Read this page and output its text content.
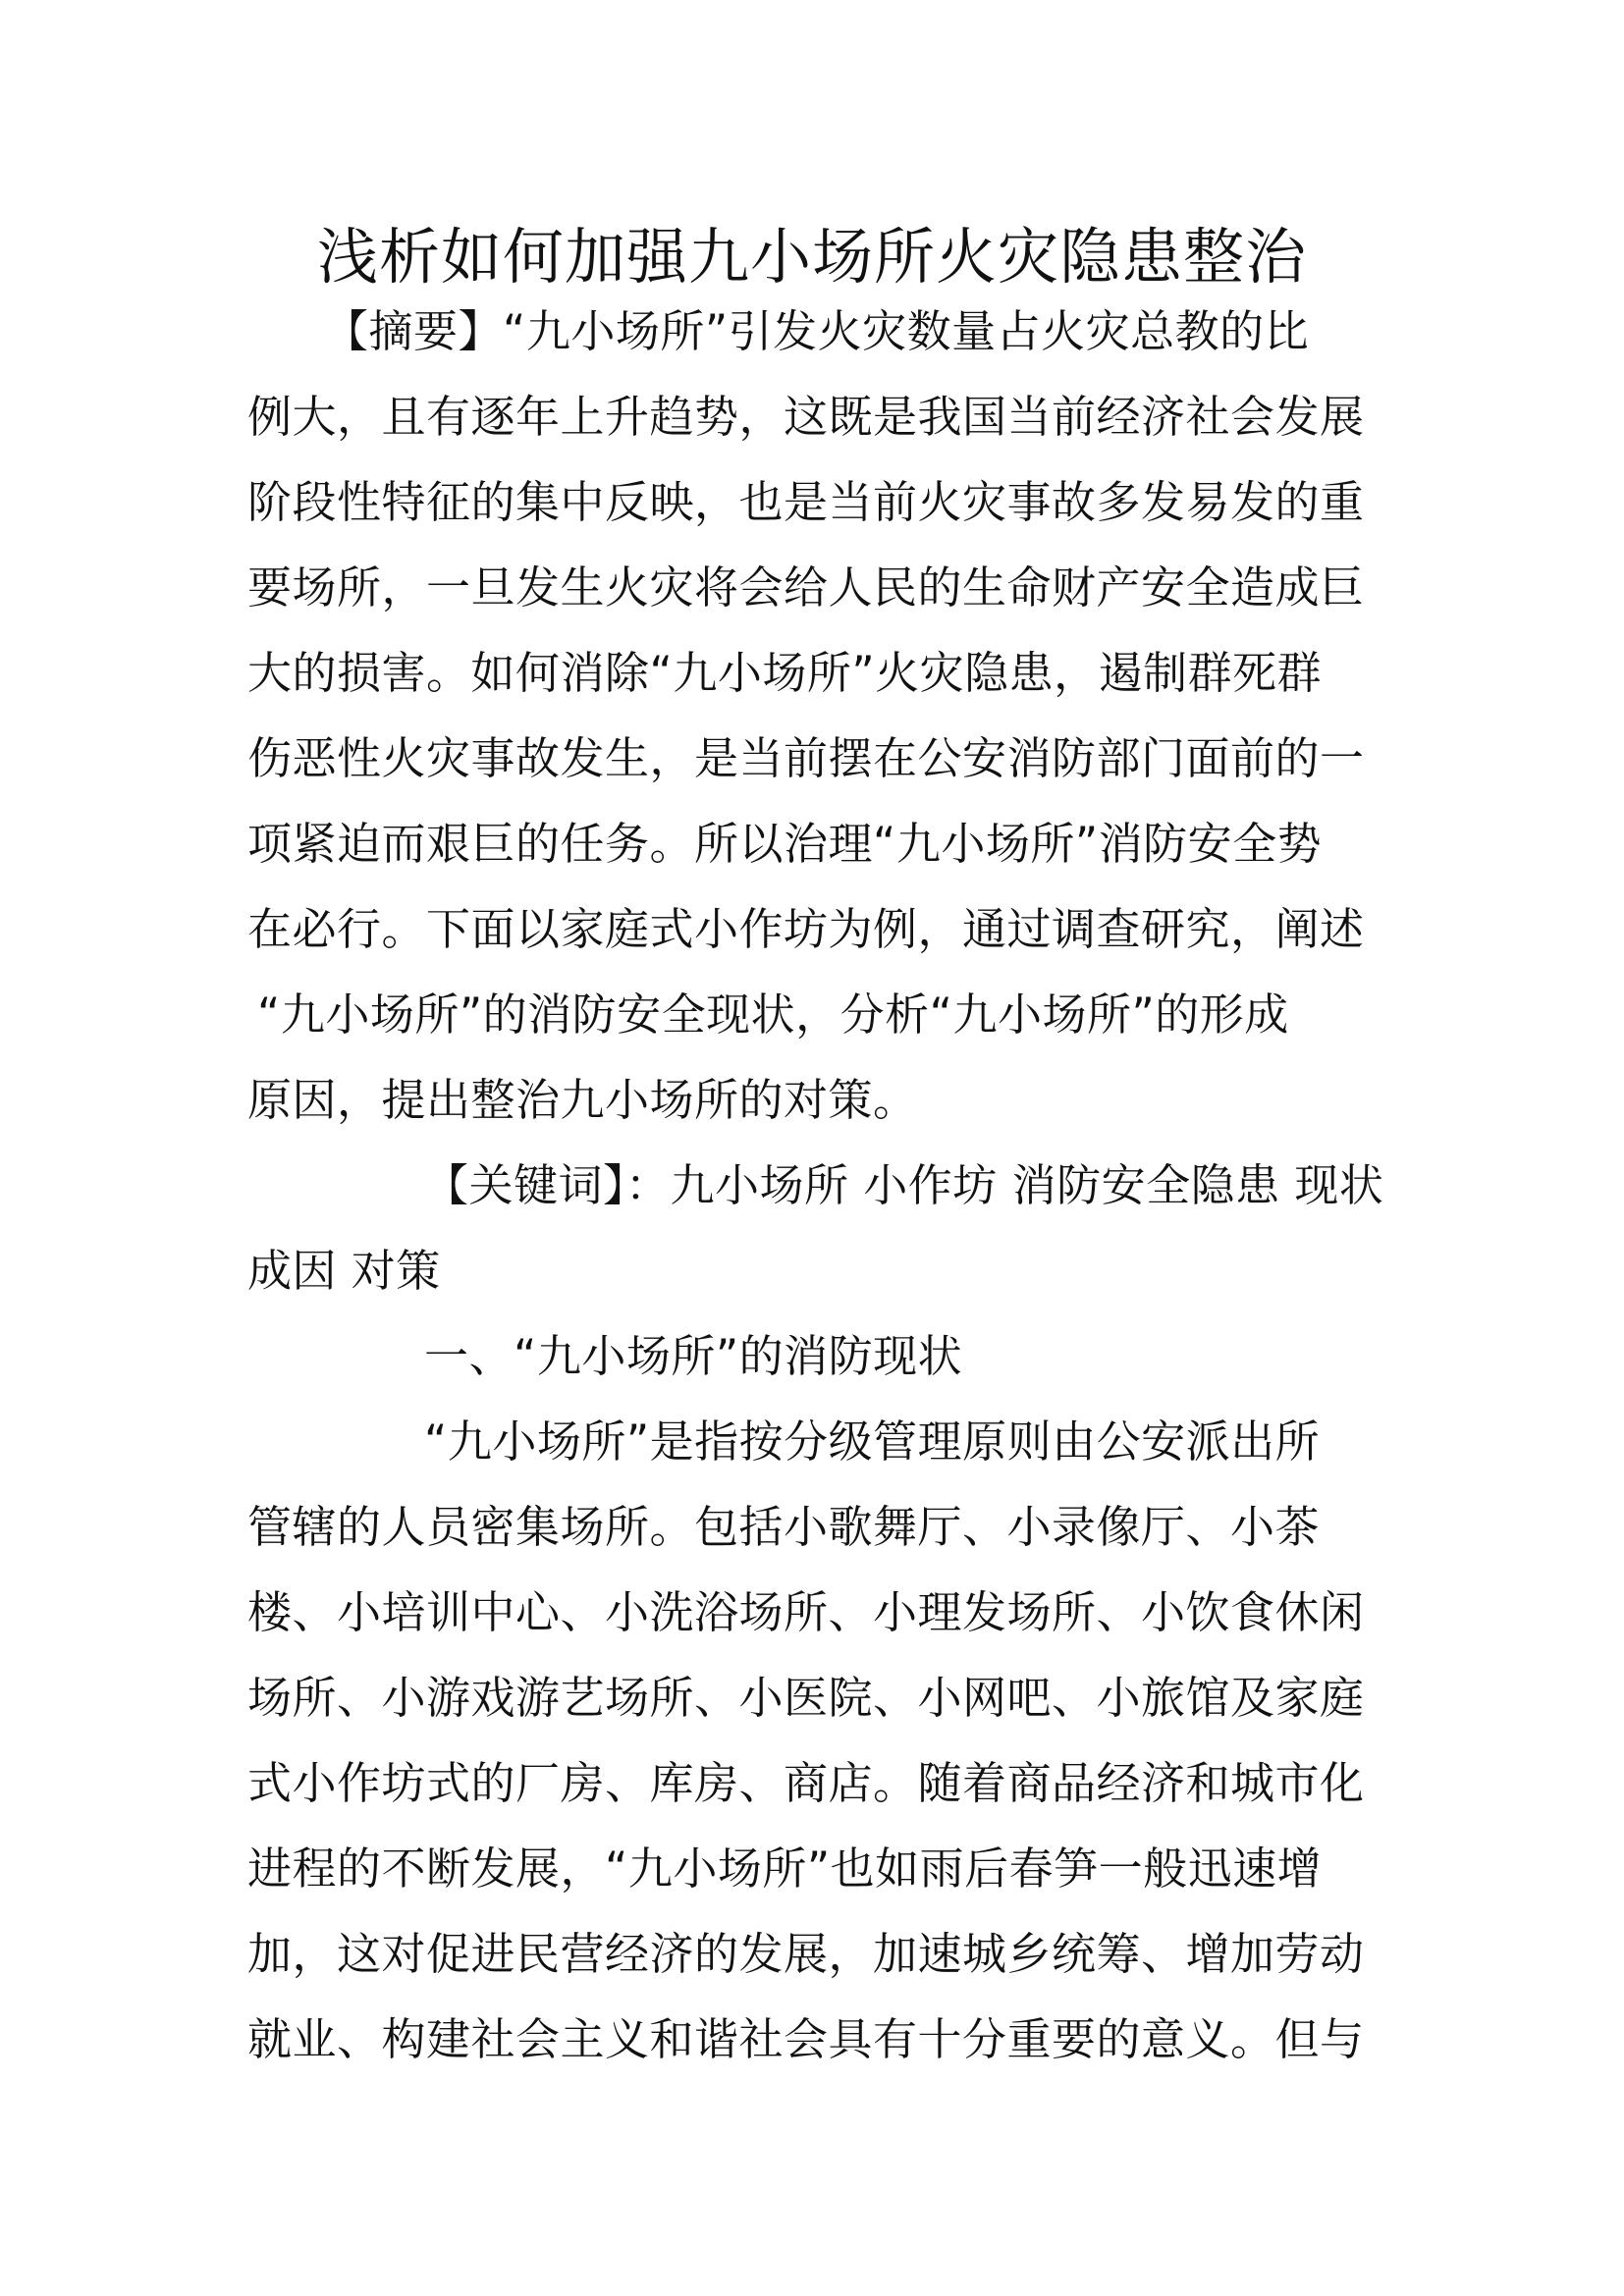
浅析如何加强九小场所火灾隐患整治
【摘要】“九小场所”引发火灾数量占火灾总教的比
例大，且有逐年上升趋势，这既是我国当前经济社会发展
阶段性特征的集中反映，也是当前火灾事故多发易发的重
要场所，一旦发生火灾将会给人民的生命财产安全造成巨
大的损害。如何消除“九小场所”火灾隐患，遏制群死群
伤恶性火灾事故发生，是当前摆在公安消防部门面前的一
项紧迫而艰巨的任务。所以治理“九小场所”消防安全势
在必行。下面以家庭式小作坊为例，通过调查研究，阐述
“九小场所”的消防安全现状，分析“九小场所”的形成
原因，提出整治九小场所的对策。
【关键词】：九小场所 小作坊 消防安全隐患 现状
成因 对策
一、“九小场所”的消防现状
“九小场所”是指按分级管理原则由公安派出所
管辖的人员密集场所。包括小歌舞厅、小录像厅、小茶
楼、小培训中心、小洗浴场所、小理发场所、小饮食休闲
场所、小游戏游艺场所、小医院、小网吧、小旅馆及家庭
式小作坊式的厂房、库房、商店。随着商品经济和城市化
进程的不断发展，“九小场所”也如雨后春笋一般迅速增
加，这对促进民营经济的发展，加速城乡统筹、增加劳动
就业、构建社会主义和谐社会具有十分重要的意义。但与
